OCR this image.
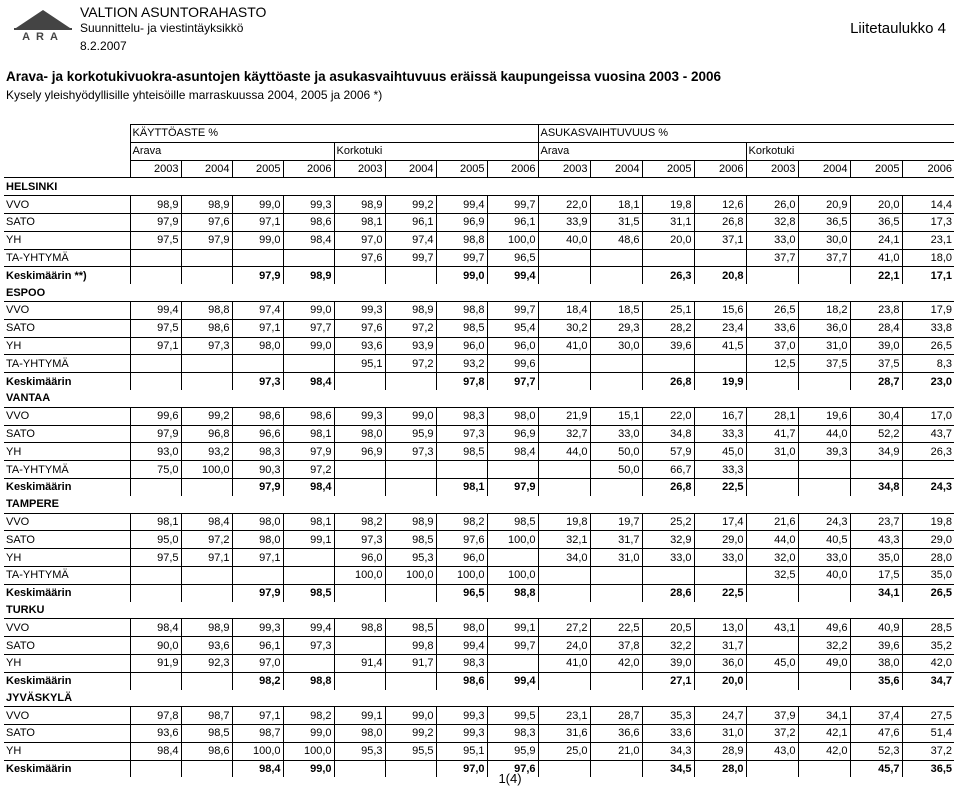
ARA
VALTION ASUNTORAHASTO
Suunnittelu- ja viestintäyksikkö
8.2.2007
Liitetaulukko 4
Arava- ja korkotukivuokra-asuntojen käyttöaste ja asukasvaihtuvuus eräissä kaupungeissa vuosina 2003 - 2006
Kysely yleishyödyllisille yhteisöille marraskuussa 2004, 2005 ja 2006 *)
	KÄYTTÖASTE %								ASUKASVAIHTUVUUS %							
	Arava				Korkotuki				Arava				Korkotuki			
	2003	2004	2005	2006	2003	2004	2005	2006	2003	2004	2005	2006	2003	2004	2005	2006
HELSINKI																
VVO	98,9	98,9	99,0	99,3	98,9	99,2	99,4	99,7	22,0	18,1	19,8	12,6	26,0	20,9	20,0	14,4
SATO	97,9	97,6	97,1	98,6	98,1	96,1	96,9	96,1	33,9	31,5	31,1	26,8	32,8	36,5	36,5	17,3
YH	97,5	97,9	99,0	98,4	97,0	97,4	98,8	100,0	40,0	48,6	20,0	37,1	33,0	30,0	24,1	23,1
TA-YHTYMÄ					97,6	99,7	99,7	96,5					37,7	37,7	41,0	18,0
Keskimäärin **)			97,9	98,9			99,0	99,4			26,3	20,8			22,1	17,1
ESPOO																
VVO	99,4	98,8	97,4	99,0	99,3	98,9	98,8	99,7	18,4	18,5	25,1	15,6	26,5	18,2	23,8	17,9
SATO	97,5	98,6	97,1	97,7	97,6	97,2	98,5	95,4	30,2	29,3	28,2	23,4	33,6	36,0	28,4	33,8
YH	97,1	97,3	98,0	99,0	93,6	93,9	96,0	96,0	41,0	30,0	39,6	41,5	37,0	31,0	39,0	26,5
TA-YHTYMÄ					95,1	97,2	93,2	99,6					12,5	37,5	37,5	8,3
Keskimäärin			97,3	98,4			97,8	97,7			26,8	19,9			28,7	23,0
VANTAA																
VVO	99,6	99,2	98,6	98,6	99,3	99,0	98,3	98,0	21,9	15,1	22,0	16,7	28,1	19,6	30,4	17,0
SATO	97,9	96,8	96,6	98,1	98,0	95,9	97,3	96,9	32,7	33,0	34,8	33,3	41,7	44,0	52,2	43,7
YH	93,0	93,2	98,3	97,9	96,9	97,3	98,5	98,4	44,0	50,0	57,9	45,0	31,0	39,3	34,9	26,3
TA-YHTYMÄ	75,0	100,0	90,3	97,2						50,0	66,7	33,3				
Keskimäärin			97,9	98,4			98,1	97,9			26,8	22,5			34,8	24,3
TAMPERE																
VVO	98,1	98,4	98,0	98,1	98,2	98,9	98,2	98,5	19,8	19,7	25,2	17,4	21,6	24,3	23,7	19,8
SATO	95,0	97,2	98,0	99,1	97,3	98,5	97,6	100,0	32,1	31,7	32,9	29,0	44,0	40,5	43,3	29,0
YH	97,5	97,1	97,1		96,0	95,3	96,0		34,0	31,0	33,0	33,0	32,0	33,0	35,0	28,0
TA-YHTYMÄ					100,0	100,0	100,0	100,0					32,5	40,0	17,5	35,0
Keskimäärin			97,9	98,5			96,5	98,8			28,6	22,5			34,1	26,5
TURKU																
VVO	98,4	98,9	99,3	99,4	98,8	98,5	98,0	99,1	27,2	22,5	20,5	13,0	43,1	49,6	40,9	28,5
SATO	90,0	93,6	96,1	97,3		99,8	99,4	99,7	24,0	37,8	32,2	31,7		32,2	39,6	35,2
YH	91,9	92,3	97,0		91,4	91,7	98,3		41,0	42,0	39,0	36,0	45,0	49,0	38,0	42,0
Keskimäärin			98,2	98,8			98,6	99,4			27,1	20,0			35,6	34,7
JYVÄSKYLÄ																
VVO	97,8	98,7	97,1	98,2	99,1	99,0	99,3	99,5	23,1	28,7	35,3	24,7	37,9	34,1	37,4	27,5
SATO	93,6	98,5	98,7	99,0	98,0	99,2	99,3	98,3	31,6	36,6	33,6	31,0	37,2	42,1	47,6	51,4
YH	98,4	98,6	100,0	100,0	95,3	95,5	95,1	95,9	25,0	21,0	34,3	28,9	43,0	42,0	52,3	37,2
Keskimäärin			98,4	99,0			97,0	97,6			34,5	28,0			45,7	36,5
1(4)
